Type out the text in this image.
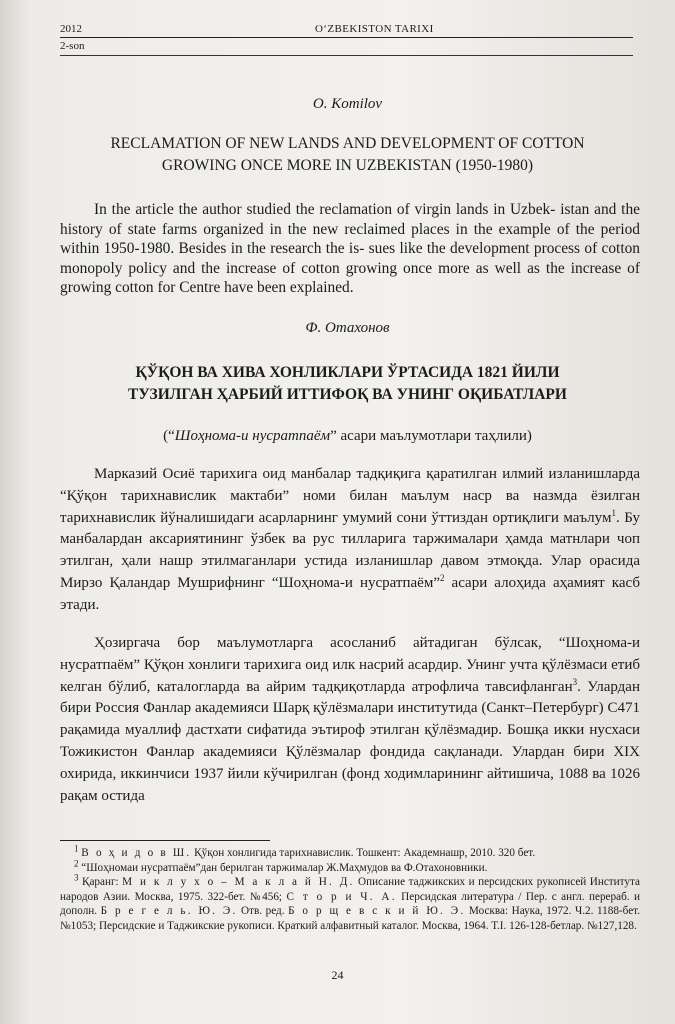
2012	O‘ZBEKISTON TARIXI
2-son
O. Komilov
RECLAMATION OF NEW LANDS AND DEVELOPMENT OF COTTON
GROWING ONCE MORE IN UZBEKISTAN (1950-1980)

In the article the author studied the reclamation of virgin lands in Uzbek- istan and the history of state farms organized in the new reclaimed places in the example of the period within 1950-1980. Besides in the research the is- sues like the development process of cotton monopoly policy and the increase of cotton growing once more as well as the increase of growing cotton for Centre have been explained.

Ф. Отахонов
ҚЎҚОН ВА ХИВА ХОНЛИКЛАРИ ЎРТАСИДА 1821 ЙИЛИ
ТУЗИЛГАН ҲАРБИЙ ИТТИФОҚ ВА УНИНГ ОҚИБАТЛАРИ
(“Шоҳнома-и нусратпаём” асари маълумотлари таҳлили)

Марказий Осиё тарихига оид манбалар тадқиқига қаратилган илмий изланишларда “Қўқон тарихнавислик мактаби” номи билан маълум наср ва назмда ёзилган тарихнавислик йўналишидаги асарларнинг умумий сони ўттиздан ортиқлиги маълум$^1$. Бу манбалардан аксариятининг ўзбек ва рус тилларига таржималари ҳамда матнлари чоп этилган, ҳали нашр этилмаганлари устида изланишлар давом этмоқда. Улар орасида Мирзо Қаландар Мушрифнинг “Шоҳнома-и нусратпаём”$^2$ асари алоҳида аҳамият касб этади.

Ҳозиргача бор маълумотларга асосланиб айтадиган бўлсак, “Шоҳнома-и нусратпаём” Қўқон хонлиги тарихига оид илк насрий асардир. Унинг учта қўлёзмаси етиб келган бўлиб, каталогларда ва айрим тадқиқотларда атрофлича тавсифланган$^3$. Улардан бири Россия Фанлар академияси Шарқ қўлёзмалари институтида (Санкт–Петербург) С471 рақамида муаллиф дастхати сифатида эътироф этилган қўлёзмадир. Бошқа икки нусхаси Тожикистон Фанлар академияси Қўлёзмалар фондида сақланади. Улардан бири XIX охирида, иккинчиси 1937 йили кўчирилган (фонд ходимларининг айтишича, 1088 ва 1026 рақам остида

$^1$ В о ҳ и д о в Ш. Қўқон хонлигида тарихнавислик. Тошкент: Академнашр, 2010. 320 бет.

$^2$ “Шоҳномаи нусратпаём”дан берилган таржималар Ж.Маҳмудов ва Ф.Отахоновники.

$^3$ Қаранг: М и к л у х о – М а к л а й Н. Д. Описание таджикских и персидских рукописей Института народов Азии. Москва, 1975. 322-бет. №456; С т о р и Ч. А. Персидская литература / Пер. с англ. перераб. и дополн. Б р е г е л ь. Ю. Э. Отв. ред. Б о р щ е в с к и й Ю. Э. Москва: Наука, 1972. Ч.2. 1188-бет. №1053; Персидские и Таджикские рукописи. Краткий алфавитный каталог. Москва, 1964. Т.І. 126-128-бетлар. №127,128.

24
